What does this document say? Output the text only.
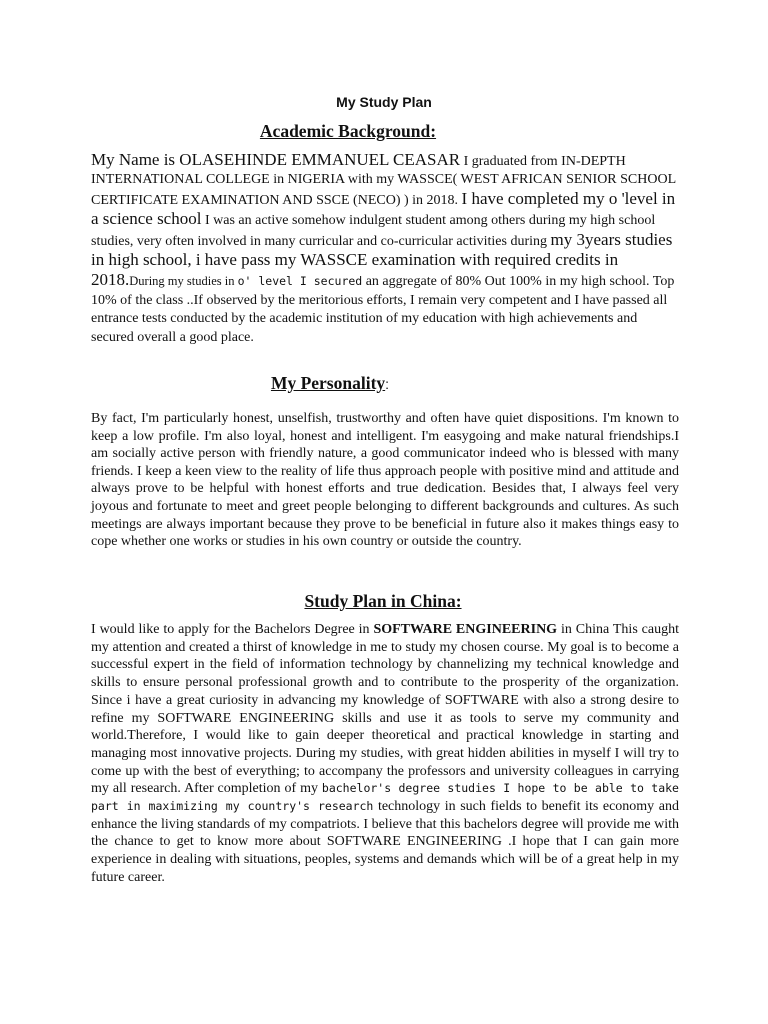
My Study Plan
Academic Background:

My Name is OLASEHINDE EMMANUEL CEASAR I graduated from IN-DEPTH INTERNATIONAL COLLEGE in NIGERIA with my WASSCE( WEST AFRICAN SENIOR SCHOOL CERTIFICATE EXAMINATION AND SSCE (NECO) ) in 2018. I have completed my o 'level in a science school I was an active somehow indulgent student among others during my high school studies, very often involved in many curricular and co-curricular activities during my 3years studies in high school, i have pass my WASSCE examination with required credits in 2018.During my studies in o' level I secured an aggregate of 80% Out 100% in my high school. Top 10% of the class ..If observed by the meritorious efforts, I remain very competent and I have passed all entrance tests conducted by the academic institution of my education with high achievements and secured overall a good place.

My Personality:

By fact, I'm particularly honest, unselfish, trustworthy and often have quiet dispositions. I'm known to keep a low profile. I'm also loyal, honest and intelligent. I'm easygoing and make natural friendships.I am socially active person with friendly nature, a good communicator indeed who is blessed with many friends. I keep a keen view to the reality of life thus approach people with positive mind and attitude and always prove to be helpful with honest efforts and true dedication. Besides that, I always feel very joyous and fortunate to meet and greet people belonging to different backgrounds and cultures. As such meetings are always important because they prove to be beneficial in future also it makes things easy to cope whether one works or studies in his own country or outside the country.

Study Plan in China:

I would like to apply for the Bachelors Degree in SOFTWARE ENGINEERING in China This caught my attention and created a thirst of knowledge in me to study my chosen course. My goal is to become a successful expert in the field of information technology by channelizing my technical knowledge and skills to ensure personal professional growth and to contribute to the prosperity of the organization. Since i have a great curiosity in advancing my knowledge of SOFTWARE with also a strong desire to refine my SOFTWARE ENGINEERING skills and use it as tools to serve my community and world.Therefore, I would like to gain deeper theoretical and practical knowledge in starting and managing most innovative projects. During my studies, with great hidden abilities in myself I will try to come up with the best of everything; to accompany the professors and university colleagues in carrying my all research. After completion of my bachelor's degree studies I hope to be able to take part in maximizing my country's research technology in such fields to benefit its economy and enhance the living standards of my compatriots. I believe that this bachelors degree will provide me with the chance to get to know more about SOFTWARE ENGINEERING .I hope that I can gain more experience in dealing with situations, peoples, systems and demands which will be of a great help in my future career.
